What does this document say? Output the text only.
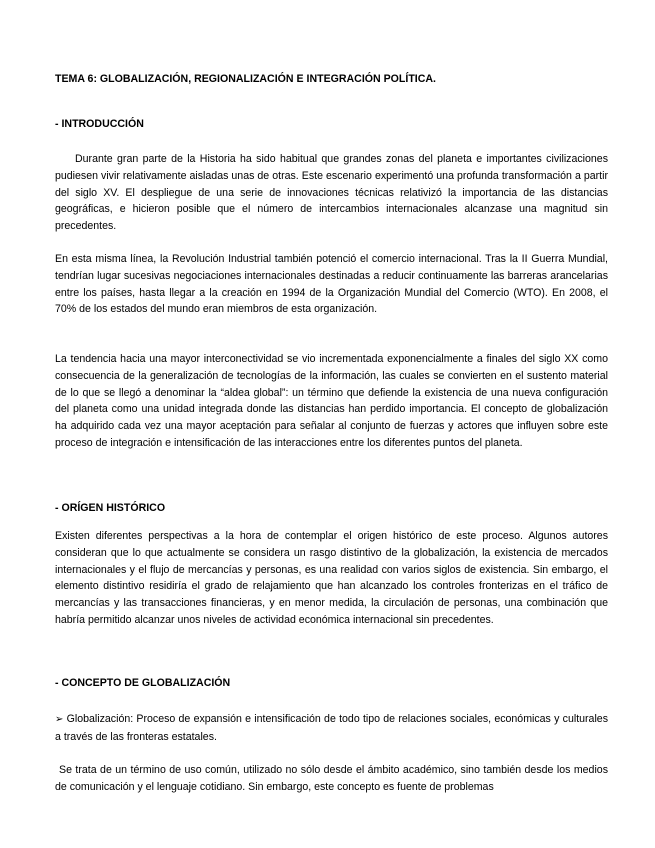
TEMA 6: GLOBALIZACIÓN, REGIONALIZACIÓN E INTEGRACIÓN POLÍTICA.
- INTRODUCCIÓN

Durante gran parte de la Historia ha sido habitual que grandes zonas del planeta e importantes civilizaciones pudiesen vivir relativamente aisladas unas de otras. Este escenario experimentó una profunda transformación a partir del siglo XV. El despliegue de una serie de innovaciones técnicas relativizó la importancia de las distancias geográficas, e hicieron posible que el número de intercambios internacionales alcanzase una magnitud sin precedentes.

En esta misma línea, la Revolución Industrial también potenció el comercio internacional. Tras la II Guerra Mundial, tendrían lugar sucesivas negociaciones internacionales destinadas a reducir continuamente las barreras arancelarias entre los países, hasta llegar a la creación en 1994 de la Organización Mundial del Comercio (WTO). En 2008, el 70% de los estados del mundo eran miembros de esta organización.

La tendencia hacia una mayor interconectividad se vio incrementada exponencialmente a finales del siglo XX como consecuencia de la generalización de tecnologías de la información, las cuales se convierten en el sustento material de lo que se llegó a denominar la “aldea global”: un término que defiende la existencia de una nueva configuración del planeta como una unidad integrada donde las distancias han perdido importancia. El concepto de globalización ha adquirido cada vez una mayor aceptación para señalar al conjunto de fuerzas y actores que influyen sobre este proceso de integración e intensificación de las interacciones entre los diferentes puntos del planeta.

- ORÍGEN HISTÓRICO

Existen diferentes perspectivas a la hora de contemplar el origen histórico de este proceso. Algunos autores consideran que lo que actualmente se considera un rasgo distintivo de la globalización, la existencia de mercados internacionales y el flujo de mercancías y personas, es una realidad con varios siglos de existencia. Sin embargo, el elemento distintivo residiría el grado de relajamiento que han alcanzado los controles fronterizas en el tráfico de mercancías y las transacciones financieras, y en menor medida, la circulación de personas, una combinación que habría permitido alcanzar unos niveles de actividad económica internacional sin precedentes.

- CONCEPTO DE GLOBALIZACIÓN

➢ Globalización: Proceso de expansión e intensificación de todo tipo de relaciones sociales, económicas y culturales a través de las fronteras estatales.

Se trata de un término de uso común, utilizado no sólo desde el ámbito académico, sino también desde los medios de comunicación y el lenguaje cotidiano. Sin embargo, este concepto es fuente de problemas
